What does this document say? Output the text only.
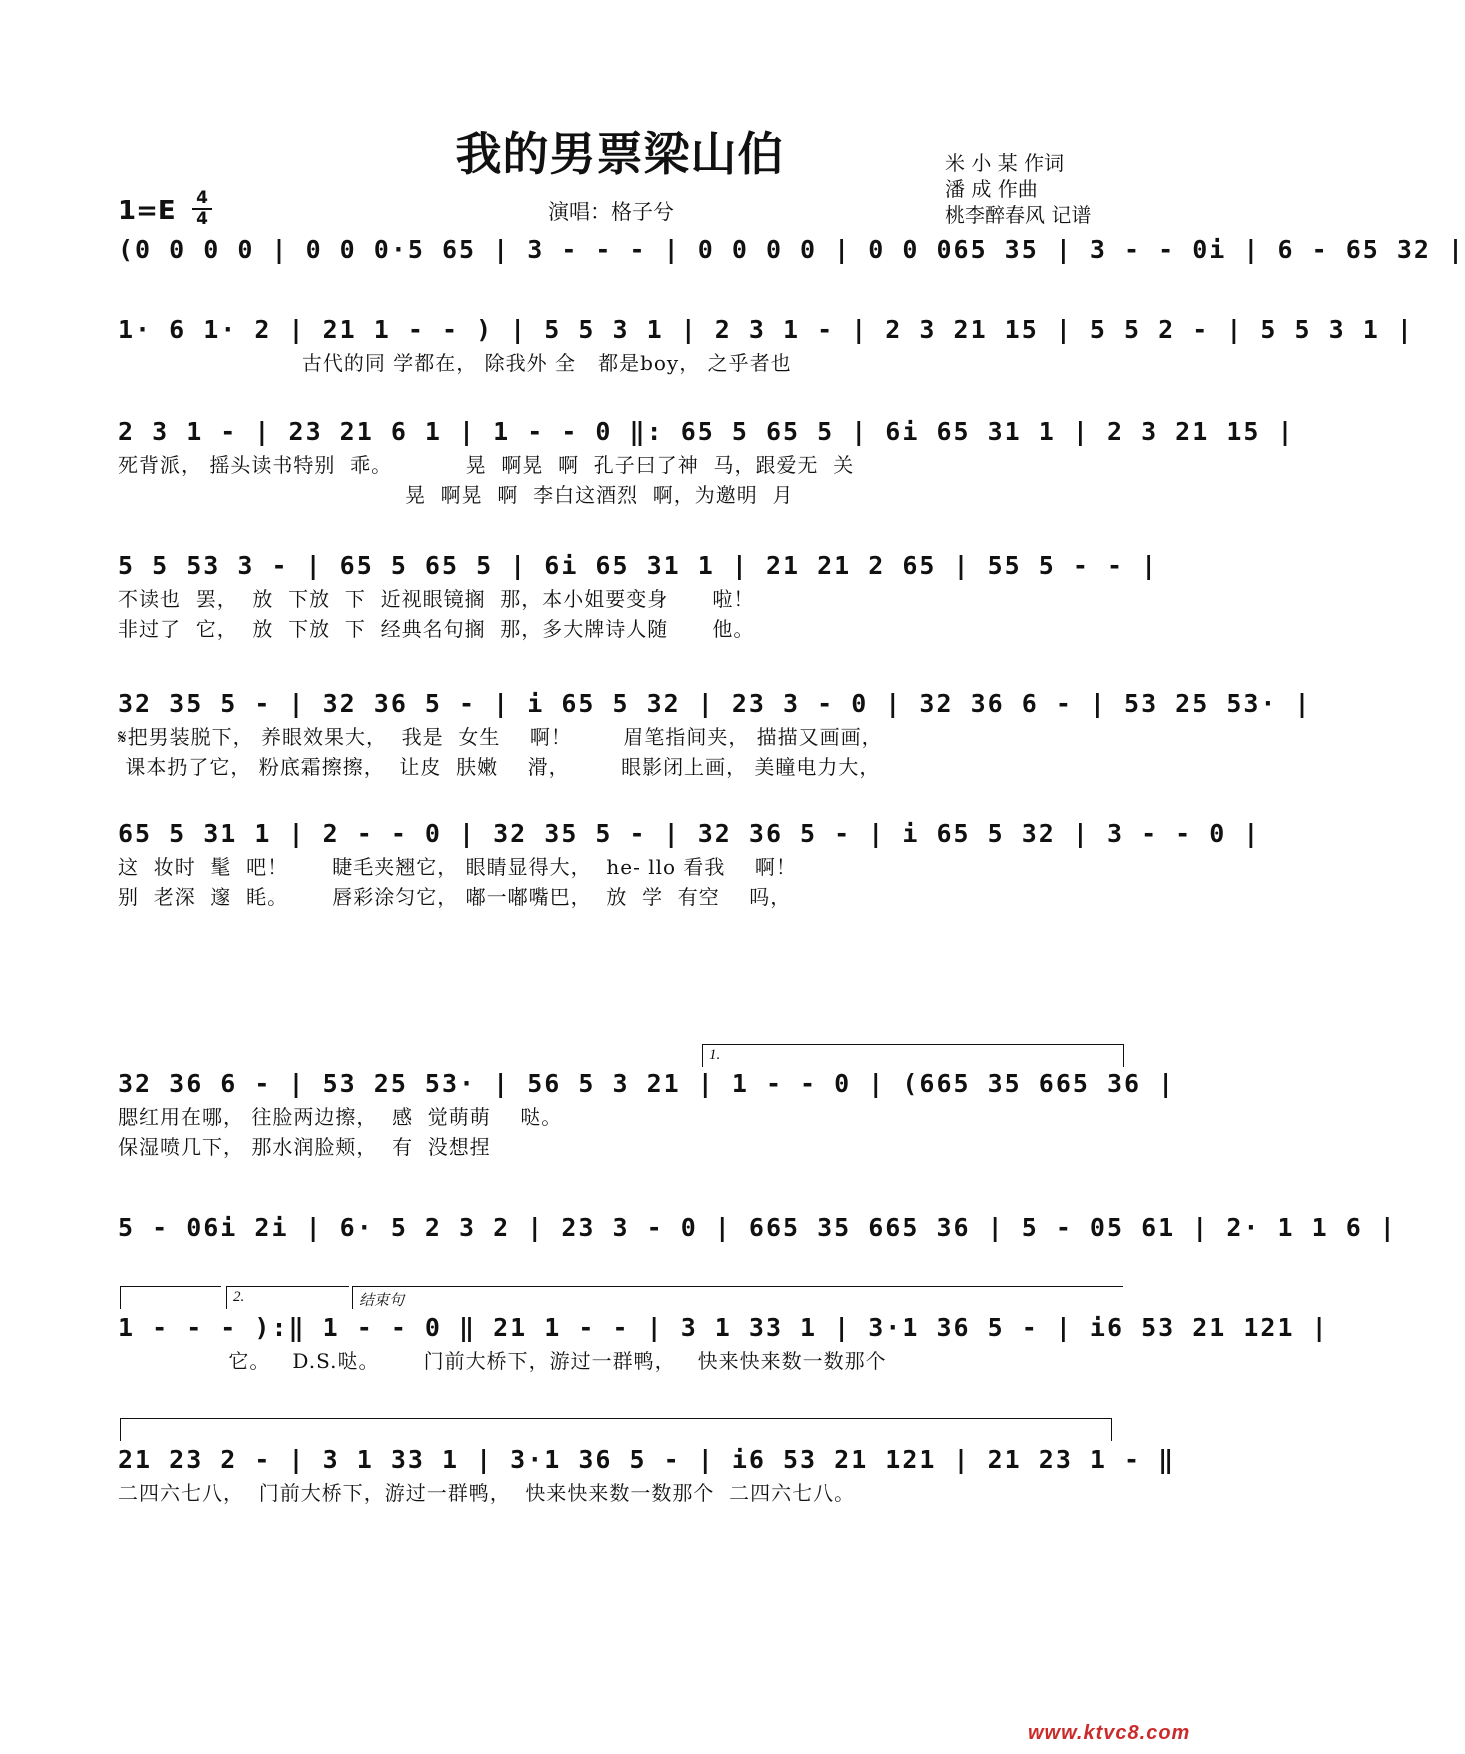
我的男票梁山伯	米 小 某 作词
潘 成 作曲
桃李醉春风 记谱
1=E 4
4	演唱：格子兮
(0 0 0 0 | 0 0 0·5 65 | 3 - - - | 0 0 0 0 | 0 0 065 35 | 3 - - 0i | 6 - 65 32 |
1· 6 1· 2 | 21 1 - - ) | 5 5 3 1 | 2 3 1 - | 2 3 21 15 | 5 5 2 - | 5 5 3 1 |
古代的同 学都在， 除我外 全   都是boy， 之乎者也
2 3 1 - | 23 21 6 1 | 1 - - 0 ‖: 65 5 65 5 | 6i 65 31 1 | 2 3 21 15 |
死背派， 摇头读书特别  乖。          晃  啊晃  啊  孔子曰了神  马，跟爱无  关
晃  啊晃  啊  李白这酒烈  啊，为邀明  月
5 5 53 3 - | 65 5 65 5 | 6i 65 31 1 | 21 21 2 65 | 55 5 - - |
不读也  罢，  放  下放  下  近视眼镜搁  那，本小姐要变身      啦！
非过了  它，  放  下放  下  经典名句搁  那，多大牌诗人随      他。
32 35 5 - | 32 36 5 - | i 65 5 32 | 23 3 - 0 | 32 36 6 - | 53 25 53· |
𝄋把男装脱下， 养眼效果大，  我是  女生    啊！       眉笔指间夹， 描描又画画，
课本扔了它， 粉底霜擦擦，  让皮  肤嫩    滑，       眼影闭上画， 美瞳电力大，
65 5 31 1 | 2 - - 0 | 32 35 5 - | 32 36 5 - | i 65 5 32 | 3 - - 0 |
这  妆时  髦  吧！      睫毛夹翘它， 眼睛显得大，  he- llo 看我    啊！
别  老深  邃  眊。      唇彩涂匀它， 嘟一嘟嘴巴，  放  学  有空    吗，
1.
32 36 6 - | 53 25 53· | 56 5 3 21 | 1 - - 0 | (665 35 665 36 |
腮红用在哪， 往脸两边擦，  感  觉萌萌    哒。
保湿喷几下， 那水润脸颊，  有  没想捏
5 - 06i 2i | 6· 5 2 3 2 | 23 3 - 0 | 665 35 665 36 | 5 - 05 61 | 2· 1 1 6 |
2.	结束句
1 - - - ):‖ 1 - - 0 ‖ 21 1 - - | 3 1 33 1 | 3·1 36 5 - | i6 53 21 121 |
它。   D.S.哒。      门前大桥下，游过一群鸭，   快来快来数一数那个
21 23 2 - | 3 1 33 1 | 3·1 36 5 - | i6 53 21 121 | 21 23 1 - ‖
二四六七八，  门前大桥下，游过一群鸭，  快来快来数一数那个  二四六七八。
www.ktvc8.com
